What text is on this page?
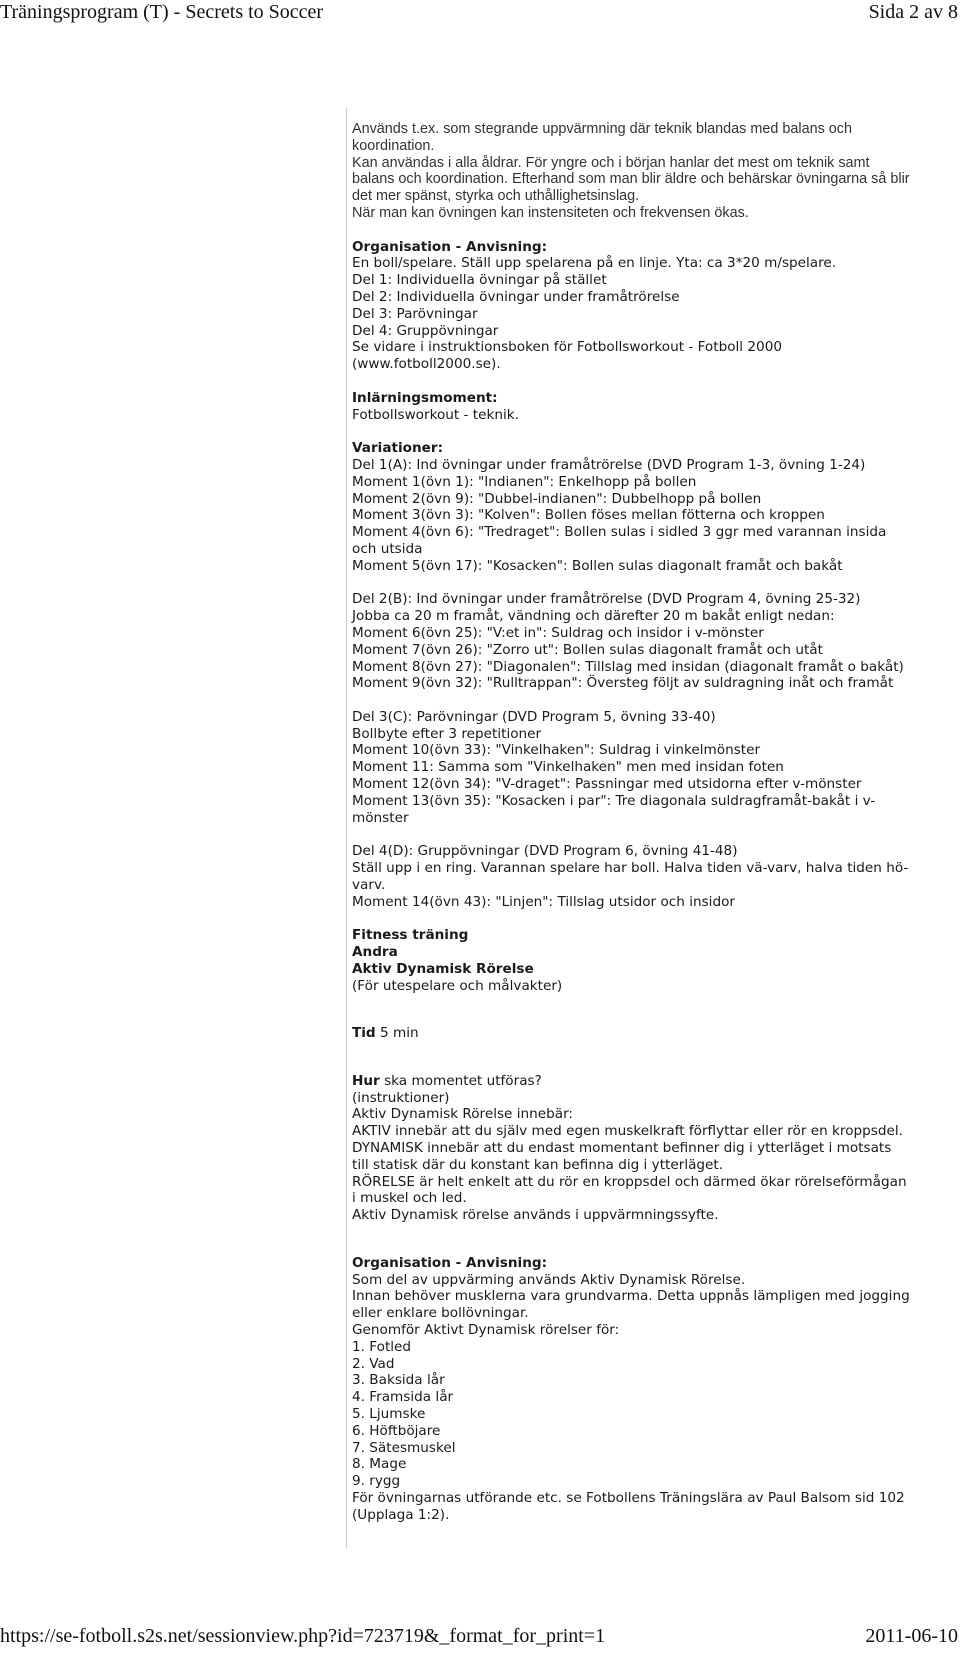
Träningsprogram (T) - Secrets to Soccer	Sida 2 av 8
Används t.ex. som stegrande uppvärmning där teknik blandas med balans och koordination.
Kan användas i alla åldrar. För yngre och i början hanlar det mest om teknik samt balans och koordination. Efterhand som man blir äldre och behärskar övningarna så blir det mer spänst, styrka och uthållighetsinslag.
När man kan övningen kan instensiteten och frekvensen ökas.
Organisation - Anvisning:
En boll/spelare. Ställ upp spelarena på en linje. Yta: ca 3*20 m/spelare.
Del 1: Individuella övningar på stället
Del 2: Individuella övningar under framåtrörelse
Del 3: Parövningar
Del 4: Gruppövningar
Se vidare i instruktionsboken för Fotbollsworkout - Fotboll 2000 (www.fotboll2000.se).
Inlärningsmoment:
Fotbollsworkout - teknik.
Variationer:
Del 1(A): Ind övningar under framåtrörelse (DVD Program 1-3, övning 1-24)
Moment 1(övn 1): "Indianen": Enkelhopp på bollen
Moment 2(övn 9): "Dubbel-indianen": Dubbelhopp på bollen
Moment 3(övn 3): "Kolven": Bollen föses mellan fötterna och kroppen
Moment 4(övn 6): "Tredraget": Bollen sulas i sidled 3 ggr med varannan insida och utsida
Moment 5(övn 17): "Kosacken": Bollen sulas diagonalt framåt och bakåt
Del 2(B): Ind övningar under framåtrörelse (DVD Program 4, övning 25-32)
Jobba ca 20 m framåt, vändning och därefter 20 m bakåt enligt nedan:
Moment 6(övn 25): "V:et in": Suldrag och insidor i v-mönster
Moment 7(övn 26): "Zorro ut": Bollen sulas diagonalt framåt och utåt
Moment 8(övn 27): "Diagonalen": Tillslag med insidan (diagonalt framåt o bakåt)
Moment 9(övn 32): "Rulltrappan": Översteg följt av suldragning inåt och framåt
Del 3(C): Parövningar (DVD Program 5, övning 33-40)
Bollbyte efter 3 repetitioner
Moment 10(övn 33): "Vinkelhaken": Suldrag i vinkelmönster
Moment 11: Samma som "Vinkelhaken" men med insidan foten
Moment 12(övn 34): "V-draget": Passningar med utsidorna efter v-mönster
Moment 13(övn 35): "Kosacken i par": Tre diagonala suldragframåt-bakåt i v-mönster
Del 4(D): Gruppövningar (DVD Program 6, övning 41-48)
Ställ upp i en ring. Varannan spelare har boll. Halva tiden vä-varv, halva tiden hö-varv.
Moment 14(övn 43): "Linjen": Tillslag utsidor och insidor
Fitness träning
Andra
Aktiv Dynamisk Rörelse
(För utespelare och målvakter)
Tid 5 min
Hur ska momentet utföras?
(instruktioner)
Aktiv Dynamisk Rörelse innebär:
AKTIV innebär att du själv med egen muskelkraft förflyttar eller rör en kroppsdel.
DYNAMISK innebär att du endast momentant befinner dig i ytterläget i motsats till statisk där du konstant kan befinna dig i ytterläget.
RÖRELSE är helt enkelt att du rör en kroppsdel och därmed ökar rörelseförmågan i muskel och led.
Aktiv Dynamisk rörelse används i uppvärmningssyfte.
Organisation - Anvisning:
Som del av uppvärming används Aktiv Dynamisk Rörelse.
Innan behöver musklerna vara grundvarma. Detta uppnås lämpligen med jogging eller enklare bollövningar.
Genomför Aktivt Dynamisk rörelser för:
1. Fotled
2. Vad
3. Baksida lår
4. Framsida lår
5. Ljumske
6. Höftböjare
7. Sätesmuskel
8. Mage
9. rygg
För övningarnas utförande etc. se Fotbollens Träningslära av Paul Balsom sid 102 (Upplaga 1:2).
https://se-fotboll.s2s.net/sessionview.php?id=723719&_format_for_print=1	2011-06-10
